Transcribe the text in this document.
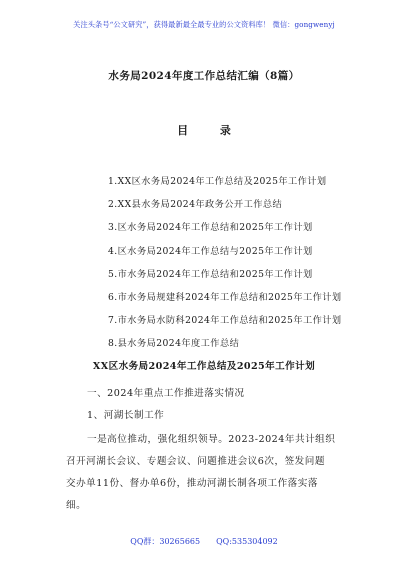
关注头条号“公文研究”，获得最新最全最专业的公文资料库！ 微信：gongwenyj
水务局2024年度工作总结汇编（8篇）
目 录
1.XX区水务局2024年工作总结及2025年工作计划
2.XX县水务局2024年政务公开工作总结
3.区水务局2024年工作总结和2025年工作计划
4.区水务局2024年工作总结与2025年工作计划
5.市水务局2024年工作总结和2025年工作计划
6.市水务局规建科2024年工作总结和2025年工作计划
7.市水务局水防科2024年工作总结和2025年工作计划
8.县水务局2024年度工作总结
XX区水务局2024年工作总结及2025年工作计划
一、2024年重点工作推进落实情况
1、河湖长制工作
一是高位推动，强化组织领导。2023-2024年共计组织
召开河湖长会议、专题会议、问题推进会议6次，签发问题
交办单11份、督办单6份，推动河湖长制各项工作落实落
细。
QQ群：30265665 QQ:535304092
